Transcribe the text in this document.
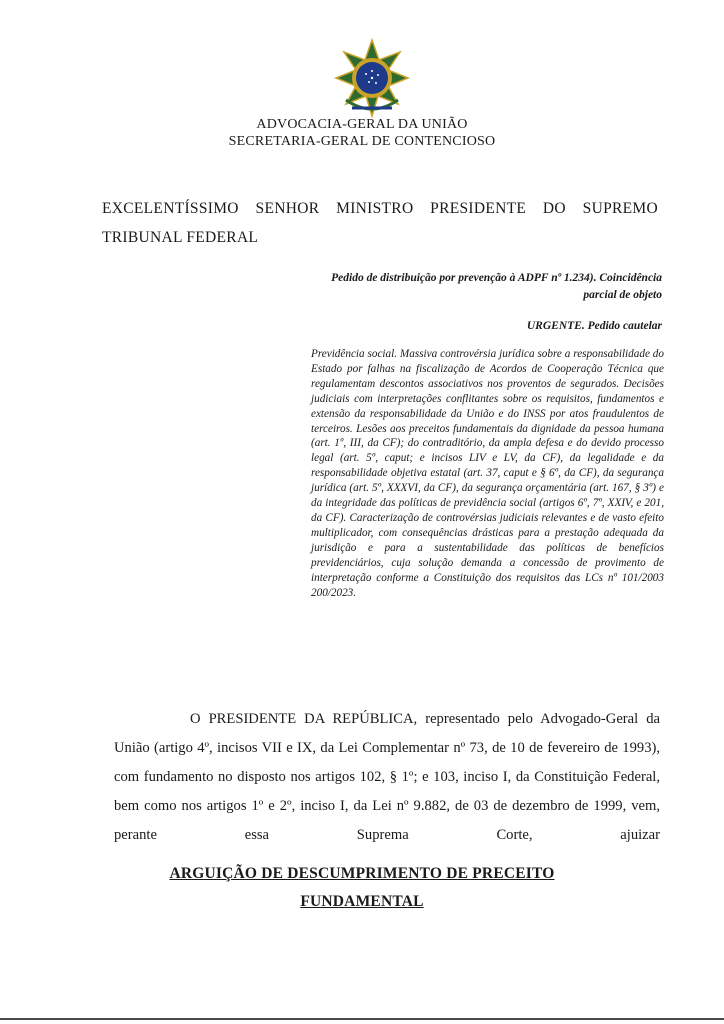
ADVOCACIA-GERAL DA UNIÃO
SECRETARIA-GERAL DE CONTENCIOSO
EXCELENTÍSSIMO SENHOR MINISTRO PRESIDENTE DO SUPREMO
TRIBUNAL FEDERAL
Pedido de distribuição por prevenção à ADPF nº 1.234). Coincidência parcial de objeto
URGENTE. Pedido cautelar
Previdência social. Massiva controvérsia jurídica sobre a responsabilidade do Estado por falhas na fiscalização de Acordos de Cooperação Técnica que regulamentam descontos associativos nos proventos de segurados. Decisões judiciais com interpretações conflitantes sobre os requisitos, fundamentos e extensão da responsabilidade da União e do INSS por atos fraudulentos de terceiros. Lesões aos preceitos fundamentais da dignidade da pessoa humana (art. 1º, III, da CF); do contraditório, da ampla defesa e do devido processo legal (art. 5º, caput; e incisos LIV e LV, da CF), da legalidade e da responsabilidade objetiva estatal (art. 37, caput e § 6º, da CF), da segurança jurídica (art. 5º, XXXVI, da CF), da segurança orçamentária (art. 167, § 3º) e da integridade das políticas de previdência social (artigos 6º, 7º, XXIV, e 201, da CF). Caracterização de controvérsias judiciais relevantes e de vasto efeito multiplicador, com consequências drásticas para a prestação adequada da jurisdição e para a sustentabilidade das políticas de benefícios previdenciários, cuja solução demanda a concessão de provimento de interpretação conforme a Constituição dos requisitos das LCs nº 101/2003 200/2023.
O PRESIDENTE DA REPÚBLICA, representado pelo Advogado-Geral da União (artigo 4º, incisos VII e IX, da Lei Complementar nº 73, de 10 de fevereiro de 1993), com fundamento no disposto nos artigos 102, § 1º; e 103, inciso I, da Constituição Federal, bem como nos artigos 1º e 2º, inciso I, da Lei nº 9.882, de 03 de dezembro de 1999, vem, perante essa Suprema Corte, ajuizar
ARGUIÇÃO DE DESCUMPRIMENTO DE PRECEITO
FUNDAMENTAL
